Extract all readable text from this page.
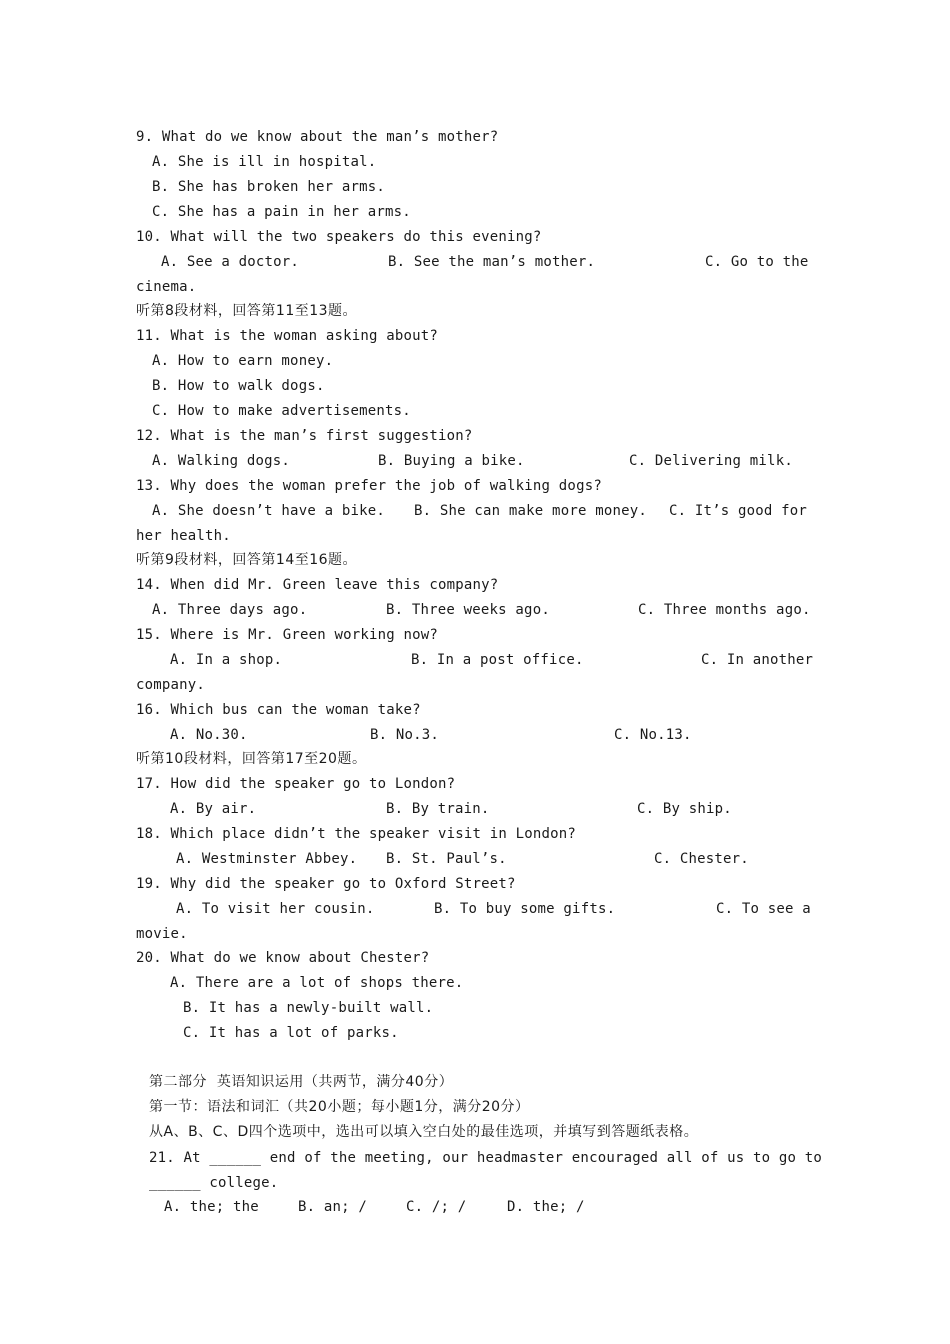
9. What do we know about the man’s mother?
A. She is ill in hospital.
B. She has broken her arms.
C. She has a pain in her arms.
10. What will the two speakers do this evening?

A. See a doctor.

	B. See the man’s mother.

	C. Go to the

cinema.
听第8段材料，回答第11至13题。
11. What is the woman asking about?
A. How to earn money.
B. How to walk dogs.
C. How to make advertisements.
12. What is the man’s first suggestion?

A. Walking dogs.

	B. Buying a bike.

	C. Delivering milk.

13. Why does the woman prefer the job of walking dogs?

A. She doesn’t have a bike.

B. She can make more money.

C. It’s good for

her health.
听第9段材料，回答第14至16题。
14. When did Mr. Green leave this company?

A. Three days ago.

	B. Three weeks ago.

	C. Three months ago.

15. Where is Mr. Green working now?

A. In a shop.

	B. In a post office.

	C. In another

company.
16. Which bus can the woman take?

A. No.30.

	B. No.3.

	C. No.13.

听第10段材料，回答第17至20题。
17. How did the speaker go to London?

A. By air.

	B. By train.

	C. By ship.

18. Which place didn’t the speaker visit in London?

A. Westminster Abbey.

B. St. Paul’s.

	C. Chester.

19. Why did the speaker go to Oxford Street?

A. To visit her cousin.

	B. To buy some gifts.

	C. To see a

movie.
20. What do we know about Chester?
A. There are a lot of shops there.
B. It has a newly-built wall.
C. It has a lot of parks.
第二部分  英语知识运用（共两节，满分40分）
第一节：语法和词汇（共20小题；每小题1分，满分20分）
从A、B、C、D四个选项中，选出可以填入空白处的最佳选项，并填写到答题纸表格。
21. At ______ end of the meeting, our headmaster encouraged all of us to go to
______ college.

A. the; the

	B. an; /

	C. /; /

	D. the; /
